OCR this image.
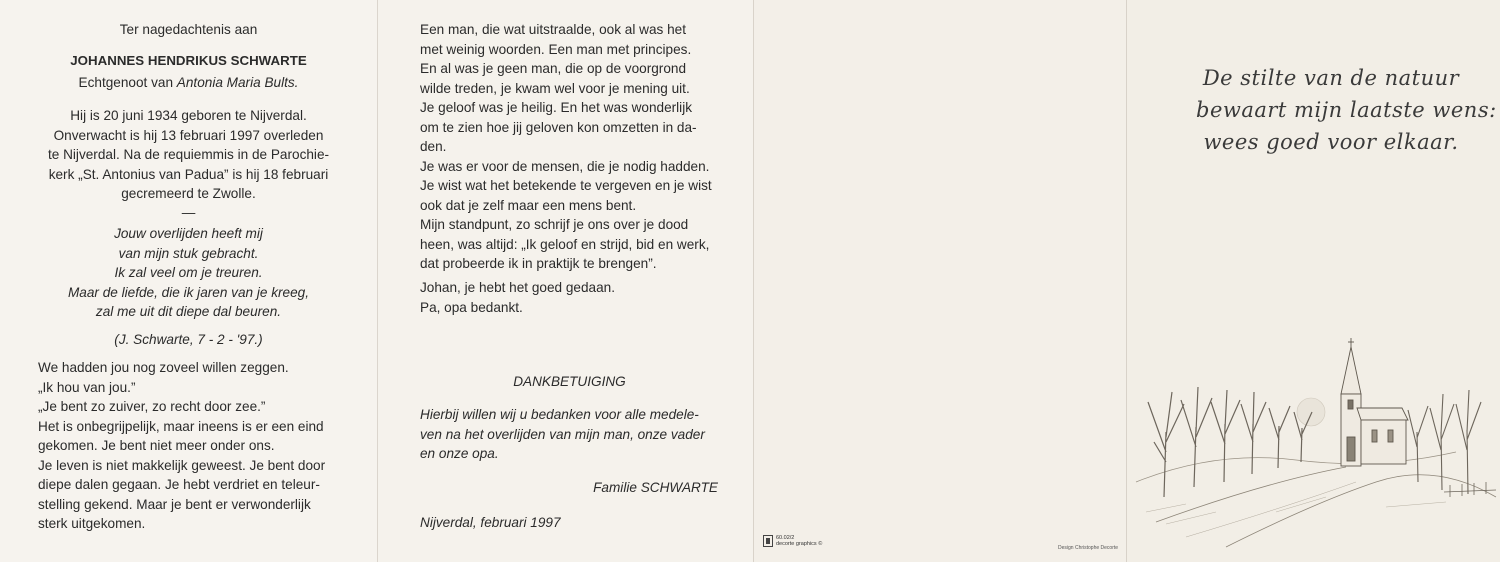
Ter nagedachtenis aan
JOHANNES HENDRIKUS SCHWARTE
Echtgenoot van Antonia Maria Bults.
Hij is 20 juni 1934 geboren te Nijverdal.
Onverwacht is hij 13 februari 1997 overleden
te Nijverdal. Na de requiemmis in de Parochie-
kerk „St. Antonius van Padua” is hij 18 februari
gecremeerd te Zwolle.
—
Jouw overlijden heeft mij
van mijn stuk gebracht.
Ik zal veel om je treuren.
Maar de liefde, die ik jaren van je kreeg,
zal me uit dit diepe dal beuren.
(J. Schwarte, 7 - 2 - '97.)
We hadden jou nog zoveel willen zeggen.
„Ik hou van jou.”
„Je bent zo zuiver, zo recht door zee.”
Het is onbegrijpelijk, maar ineens is er een eind
gekomen. Je bent niet meer onder ons.
Je leven is niet makkelijk geweest. Je bent door
diepe dalen gegaan. Je hebt verdriet en teleur-
stelling gekend. Maar je bent er verwonderlijk
sterk uitgekomen.
Een man, die wat uitstraalde, ook al was het
met weinig woorden. Een man met principes.
En al was je geen man, die op de voorgrond
wilde treden, je kwam wel voor je mening uit.
Je geloof was je heilig. En het was wonderlijk
om te zien hoe jij geloven kon omzetten in da-
den.
Je was er voor de mensen, die je nodig hadden.
Je wist wat het betekende te vergeven en je wist
ook dat je zelf maar een mens bent.
Mijn standpunt, zo schrijf je ons over je dood
heen, was altijd: „Ik geloof en strijd, bid en werk,
dat probeerde ik in praktijk te brengen”.
Johan, je hebt het goed gedaan.
Pa, opa bedankt.
DANKBETUIGING
Hierbij willen wij u bedanken voor alle medele-
ven na het overlijden van mijn man, onze vader
en onze opa.
Familie SCHWARTE
Nijverdal, februari 1997
60.02/2
decorte graphics ©
De stilte van de natuur
bewaart mijn laatste wens:
wees goed voor elkaar.
Design Christophe Decorte
